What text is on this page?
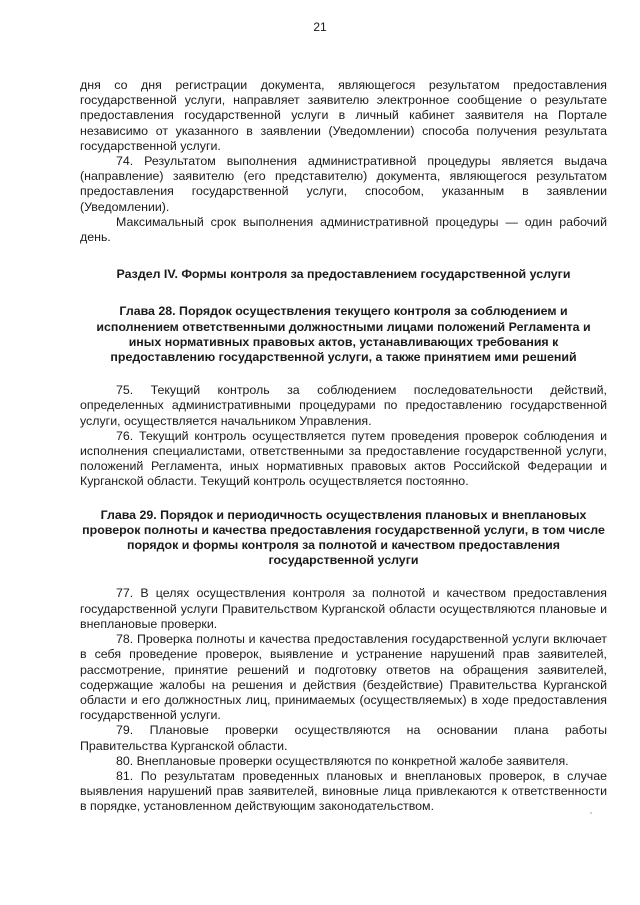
21

дня со дня регистрации документа, являющегося результатом предоставления государственной услуги, направляет заявителю электронное сообщение о результате предоставления государственной услуги в личный кабинет заявителя на Портале независимо от указанного в заявлении (Уведомлении) способа получения результата государственной услуги.

74. Результатом выполнения административной процедуры является выдача (направление) заявителю (его представителю) документа, являющегося результатом предоставления государственной услуги, способом, указанным в заявлении (Уведомлении).

Максимальный срок выполнения административной процедуры — один рабочий день.

Раздел IV. Формы контроля за предоставлением государственной услуги
Глава 28. Порядок осуществления текущего контроля за соблюдением и исполнением ответственными должностными лицами положений Регламента и иных нормативных правовых актов, устанавливающих требования к предоставлению государственной услуги, а также принятием ими решений

75. Текущий контроль за соблюдением последовательности действий, определенных административными процедурами по предоставлению государственной услуги, осуществляется начальником Управления.

76. Текущий контроль осуществляется путем проведения проверок соблюдения и исполнения специалистами, ответственными за предоставление государственной услуги, положений Регламента, иных нормативных правовых актов Российской Федерации и Курганской области. Текущий контроль осуществляется постоянно.

Глава 29. Порядок и периодичность осуществления плановых и внеплановых проверок полноты и качества предоставления государственной услуги, в том числе порядок и формы контроля за полнотой и качеством предоставления государственной услуги

77. В целях осуществления контроля за полнотой и качеством предоставления государственной услуги Правительством Курганской области осуществляются плановые и внеплановые проверки.

78. Проверка полноты и качества предоставления государственной услуги включает в себя проведение проверок, выявление и устранение нарушений прав заявителей, рассмотрение, принятие решений и подготовку ответов на обращения заявителей, содержащие жалобы на решения и действия (бездействие) Правительства Курганской области и его должностных лиц, принимаемых (осуществляемых) в ходе предоставления государственной услуги.

79. Плановые проверки осуществляются на основании плана работы Правительства Курганской области.

80. Внеплановые проверки осуществляются по конкретной жалобе заявителя.

81. По результатам проведенных плановых и внеплановых проверок, в случае выявления нарушений прав заявителей, виновные лица привлекаются к ответственности в порядке, установленном действующим законодательством.
